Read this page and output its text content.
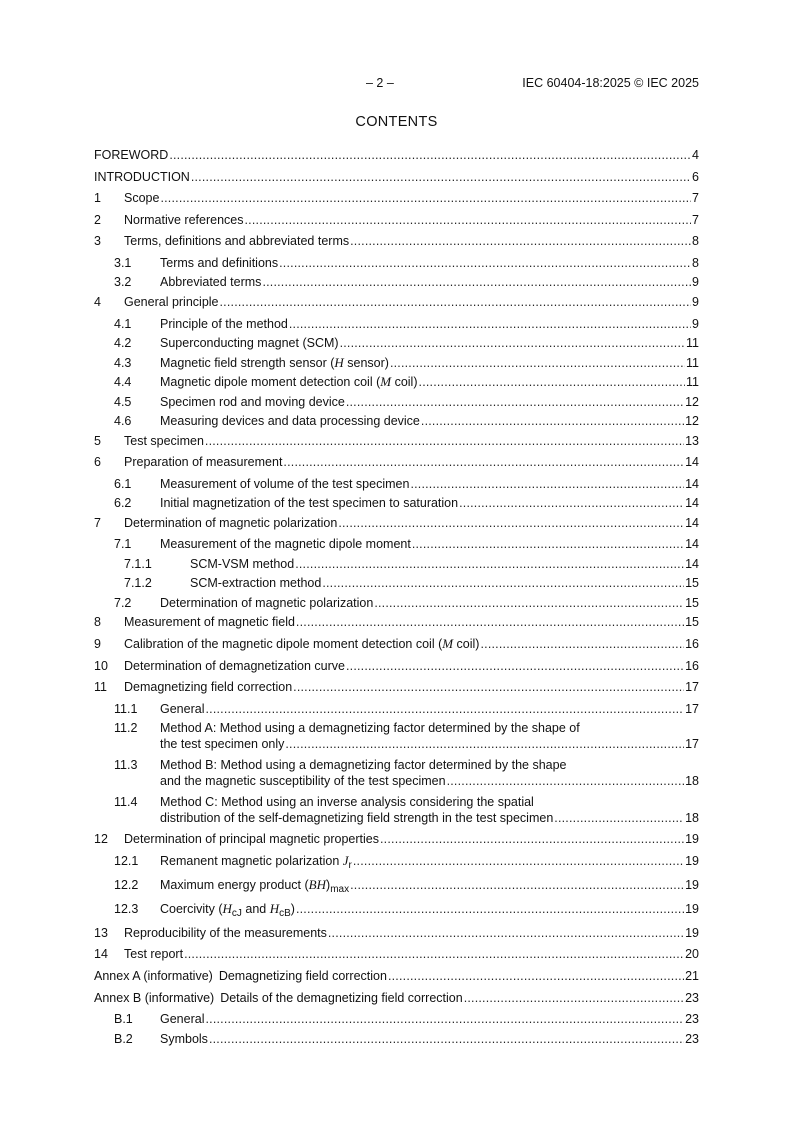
– 2 –	IEC 60404-18:2025 © IEC 2025
CONTENTS
FOREWORD .....	4
INTRODUCTION .....	6
1	Scope .....	7
2	Normative references .....	7
3	Terms, definitions and abbreviated terms .....	8
3.1	Terms and definitions .....	8
3.2	Abbreviated terms .....	9
4	General principle .....	9
4.1	Principle of the method .....	9
4.2	Superconducting magnet (SCM) .....	11
4.3	Magnetic field strength sensor (H sensor) .....	11
4.4	Magnetic dipole moment detection coil (M coil) .....	11
4.5	Specimen rod and moving device .....	12
4.6	Measuring devices and data processing device .....	12
5	Test specimen .....	13
6	Preparation of measurement .....	14
6.1	Measurement of volume of the test specimen .....	14
6.2	Initial magnetization of the test specimen to saturation .....	14
7	Determination of magnetic polarization .....	14
7.1	Measurement of the magnetic dipole moment .....	14
7.1.1	SCM-VSM method .....	14
7.1.2	SCM-extraction method .....	15
7.2	Determination of magnetic polarization .....	15
8	Measurement of magnetic field .....	15
9	Calibration of the magnetic dipole moment detection coil (M coil) .....	16
10	Determination of demagnetization curve .....	16
11	Demagnetizing field correction .....	17
11.1	General .....	17
11.2	Method A: Method using a demagnetizing factor determined by the shape of
the test specimen only .....	17
11.3	Method B: Method using a demagnetizing factor determined by the shape
and the magnetic susceptibility of the test specimen .....	18
11.4	Method C: Method using an inverse analysis considering the spatial
distribution of the self-demagnetizing field strength in the test specimen .....	18
12	Determination of principal magnetic properties .....	19
12.1	Remanent magnetic polarization $J_r$ .....	19
12.2	Maximum energy product $(BH)_{max}$ .....	19
12.3	Coercivity ($H_{cJ}$ and $H_{cB}$) .....	19
13	Reproducibility of the measurements .....	19
14	Test report .....	20
Annex A (informative) Demagnetizing field correction .....	21
Annex B (informative) Details of the demagnetizing field correction .....	23
B.1	General .....	23
B.2	Symbols .....	23
